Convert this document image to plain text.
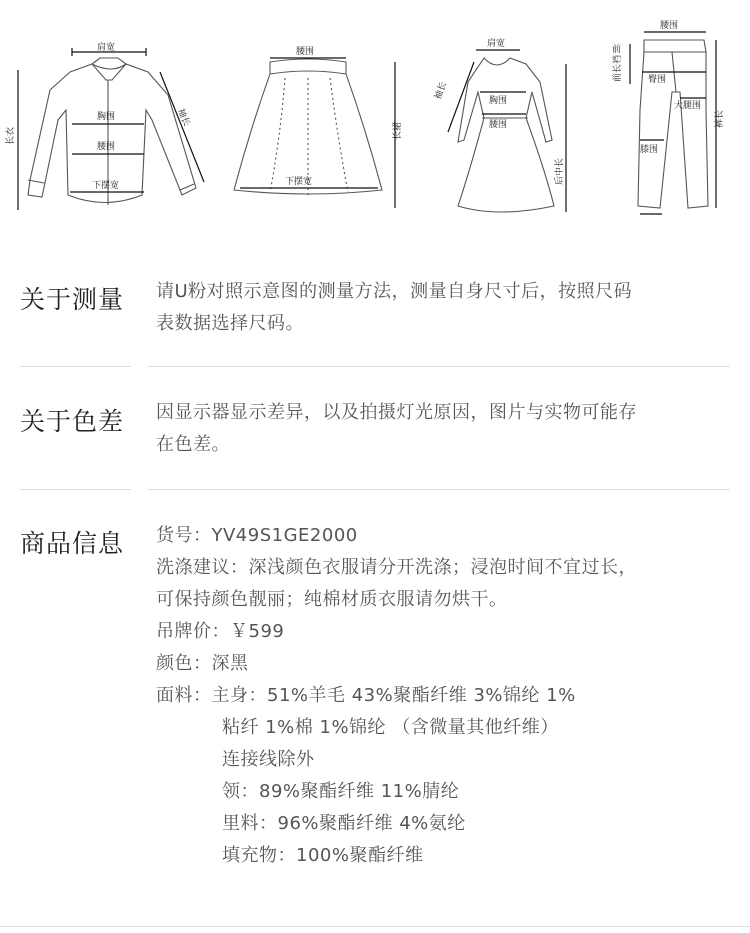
肩宽
胸围
腰围
下摆宽
长衣
袖长
腰围
下摆宽
长裙
肩宽
胸围
腰围
袖长
后中长
腰围
前
前长裆	臀围
大腿围
膝围
裤长
关于测量 请U粉对照示意图的测量方法，测量自身尺寸后，按照尺码
表数据选择尺码。
关于色差 因显示器显示差异，以及拍摄灯光原因，图片与实物可能存
在色差。
商品信息 货号：YV49S1GE2000
洗涤建议：深浅颜色衣服请分开洗涤；浸泡时间不宜过长，
可保持颜色靓丽；纯棉材质衣服请勿烘干。
吊牌价：￥599
颜色：深黑
面料：主身：51%羊毛 43%聚酯纤维 3%锦纶 1%
粘纤 1%棉 1%锦纶 （含微量其他纤维）
连接线除外
领：89%聚酯纤维 11%腈纶
里料：96%聚酯纤维 4%氨纶
填充物：100%聚酯纤维
